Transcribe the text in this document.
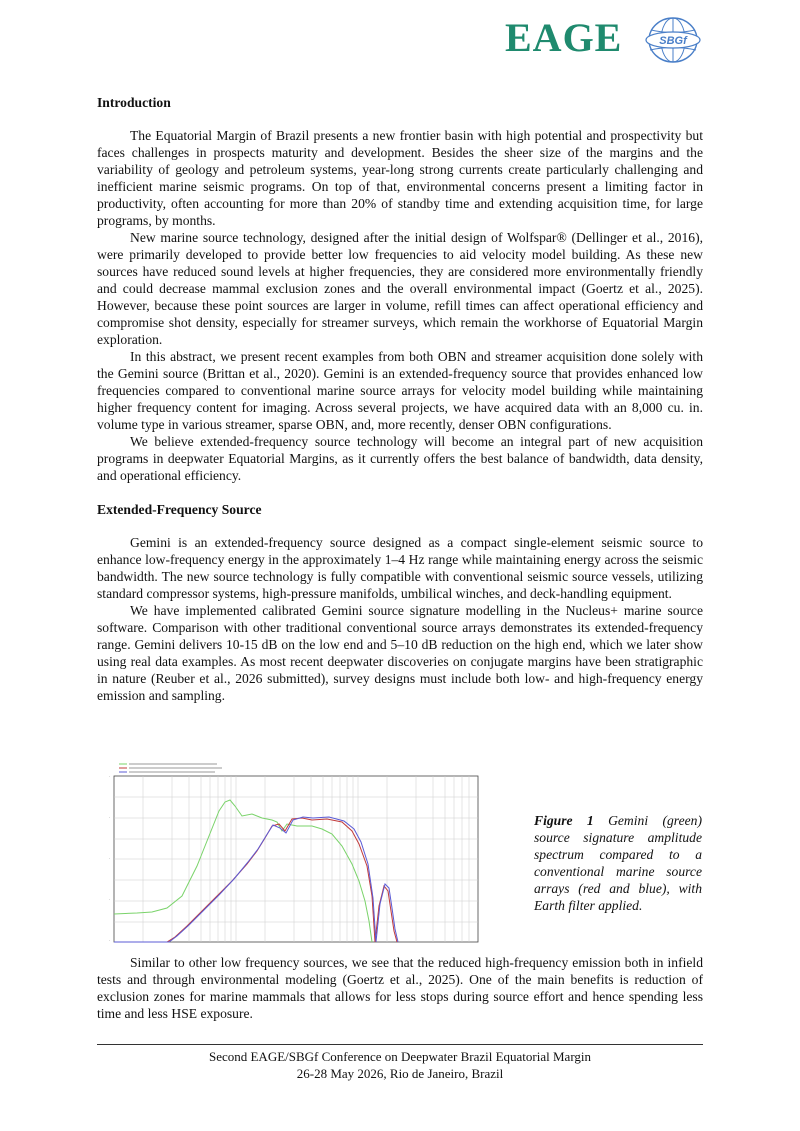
EAGE	SBGf
Introduction

The Equatorial Margin of Brazil presents a new frontier basin with high potential and prospectivity but faces challenges in prospects maturity and development. Besides the sheer size of the margins and the variability of geology and petroleum systems, year-long strong currents create particularly challenging and inefficient marine seismic programs. On top of that, environmental concerns present a limiting factor in productivity, often accounting for more than 20% of standby time and extending acquisition time, for large programs, by months.

New marine source technology, designed after the initial design of Wolfspar® (Dellinger et al., 2016), were primarily developed to provide better low frequencies to aid velocity model building. As these new sources have reduced sound levels at higher frequencies, they are considered more environmentally friendly and could decrease mammal exclusion zones and the overall environmental impact (Goertz et al., 2025). However, because these point sources are larger in volume, refill times can affect operational efficiency and compromise shot density, especially for streamer surveys, which remain the workhorse of Equatorial Margin exploration.

In this abstract, we present recent examples from both OBN and streamer acquisition done solely with the Gemini source (Brittan et al., 2020). Gemini is an extended-frequency source that provides enhanced low frequencies compared to conventional marine source arrays for velocity model building while maintaining higher frequency content for imaging. Across several projects, we have acquired data with an 8,000 cu. in. volume type in various streamer, sparse OBN, and, more recently, denser OBN configurations.

We believe extended-frequency source technology will become an integral part of new acquisition programs in deepwater Equatorial Margins, as it currently offers the best balance of bandwidth, data density, and operational efficiency.

Extended-Frequency Source

Gemini is an extended-frequency source designed as a compact single-element seismic source to enhance low-frequency energy in the approximately 1–4 Hz range while maintaining energy across the seismic bandwidth. The new source technology is fully compatible with conventional seismic source vessels, utilizing standard compressor systems, high-pressure manifolds, umbilical winches, and deck-handling equipment.

We have implemented calibrated Gemini source signature modelling in the Nucleus+ marine source software. Comparison with other traditional conventional source arrays demonstrates its extended-frequency range. Gemini delivers 10-15 dB on the low end and 5–10 dB reduction on the high end, which we later show using real data examples. As most recent deepwater discoveries on conjugate margins have been stratigraphic in nature (Reuber et al., 2026 submitted), survey designs must include both low- and high-frequency energy emission and sampling.

·
·
·
·
·
Figure 1 Gemini (green) source signature amplitude spectrum compared to a conventional marine source arrays (red and blue), with Earth filter applied.

Similar to other low frequency sources, we see that the reduced high-frequency emission both in infield tests and through environmental modeling (Goertz et al., 2025). One of the main benefits is reduction of exclusion zones for marine mammals that allows for less stops during source effort and hence spending less time and less HSE exposure.

Second EAGE/SBGf Conference on Deepwater Brazil Equatorial Margin
26-28 May 2026, Rio de Janeiro, Brazil
